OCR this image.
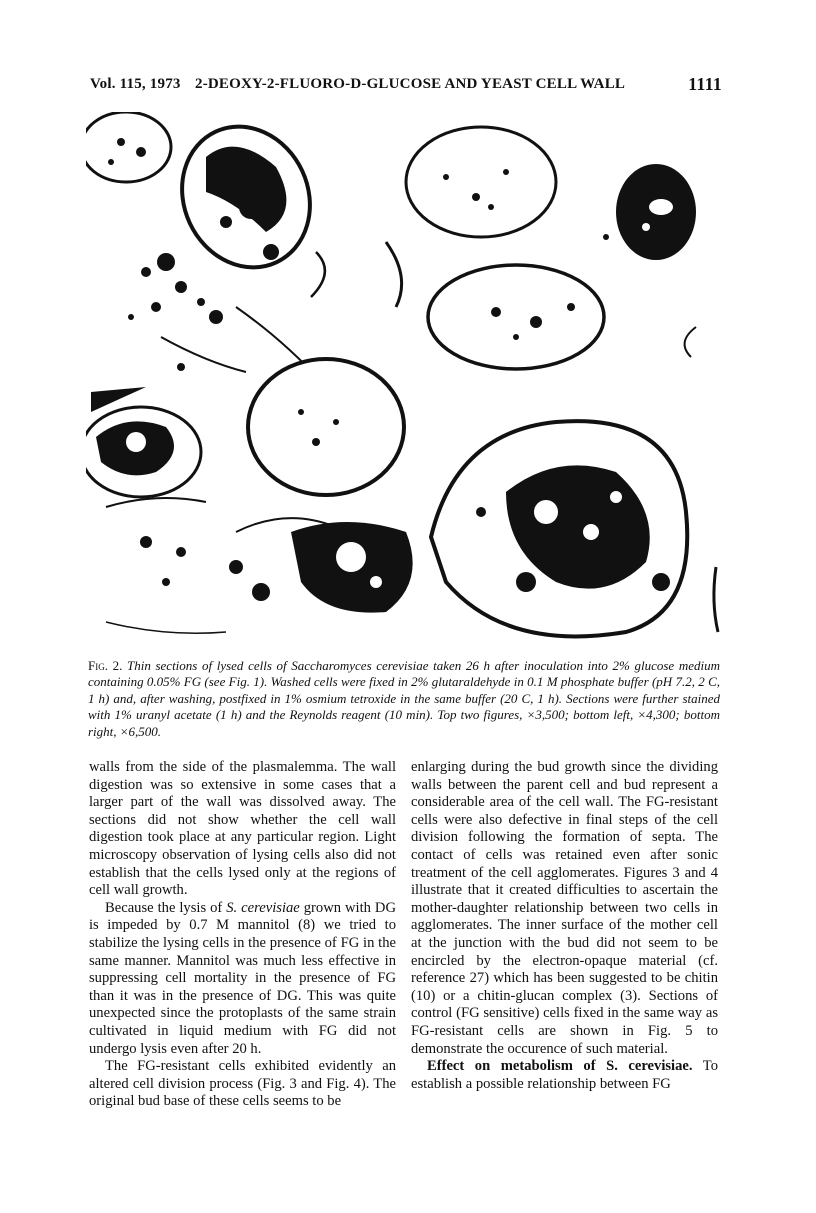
Vol. 115, 1973 2-DEOXY-2-FLUORO-D-GLUCOSE AND YEAST CELL WALL	1111
Fig. 2. Thin sections of lysed cells of Saccharomyces cerevisiae taken 26 h after inoculation into 2% glucose medium containing 0.05% FG (see Fig. 1). Washed cells were fixed in 2% glutaraldehyde in 0.1 M phosphate buffer (pH 7.2, 2 C, 1 h) and, after washing, postfixed in 1% osmium tetroxide in the same buffer (20 C, 1 h). Sections were further stained with 1% uranyl acetate (1 h) and the Reynolds reagent (10 min). Top two figures, ×3,500; bottom left, ×4,300; bottom right, ×6,500.

walls from the side of the plasmalemma. The wall digestion was so extensive in some cases that a larger part of the wall was dissolved away. The sections did not show whether the cell wall digestion took place at any particular region. Light microscopy observation of lysing cells also did not establish that the cells lysed only at the regions of cell wall growth.

Because the lysis of S. cerevisiae grown with DG is impeded by 0.7 M mannitol (8) we tried to stabilize the lysing cells in the presence of FG in the same manner. Mannitol was much less effective in suppressing cell mortality in the presence of FG than it was in the presence of DG. This was quite unexpected since the protoplasts of the same strain cultivated in liquid medium with FG did not undergo lysis even after 20 h.

The FG-resistant cells exhibited evidently an altered cell division process (Fig. 3 and Fig. 4). The original bud base of these cells seems to be

enlarging during the bud growth since the dividing walls between the parent cell and bud represent a considerable area of the cell wall. The FG-resistant cells were also defective in final steps of the cell division following the formation of septa. The contact of cells was retained even after sonic treatment of the cell agglomerates. Figures 3 and 4 illustrate that it created difficulties to ascertain the mother-daughter relationship between two cells in agglomerates. The inner surface of the mother cell at the junction with the bud did not seem to be encircled by the electron-opaque material (cf. reference 27) which has been suggested to be chitin (10) or a chitin-glucan complex (3). Sections of control (FG sensitive) cells fixed in the same way as FG-resistant cells are shown in Fig. 5 to demonstrate the occurence of such material.

Effect on metabolism of S. cerevisiae. To establish a possible relationship between FG
